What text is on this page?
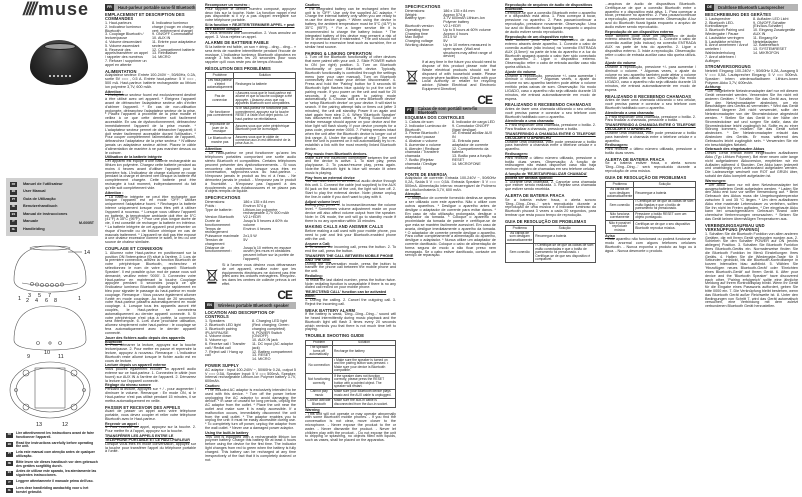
//// muse
FR	Manuel de l'utilisateur
EN	User Manual
PT	Guia de Utilização
DE	Benutzerhandbuch
ES	Manual de instrucciones
IT	Manuale
NL	Handleiding
M-600BT
14
1 2
3
4
5
6
7
8	1
9
10
11
13	12
FR	Lire attentivement les instructions avant de faire fonctionner l'appareil.
EN	Read the instructions carefully before operating the unit.
PT	Leia este manual com atenção antes de qualquer utilização.
DE	Bitte lesen sie dieses handbuch vor dem gebrauch des gerätes sorgfältig durch.
ES	Antes de utilizar este aparato, lea atentamente las siguientes instrucciones.
IT	Leggere attentamente il manuale prima dell'uso.
NL	Lees deze handleiding aandachtig voor u het toestel gebruikt.
FR	Haut-parleur portable sans-fil Bluetooth
EMPLACEMENT ET DESCRIPTION DES COMMANDES
1. Haut-parleurs
2. Indicateur lumineux Bluetooth
3. Couplage Bluetooth / lecture/pause
4. Volume descendant
5. Volume ascendant
6. Recevoir des appels/transférer un appel / rappeler des numéros
7. Refuser / supprimer un appel en attente
8. Indicateur lumineux charge (rouge: en charge; vert: entièrement chargé)
9. ON/OFF Commutateur
10. AUX IN
11. Entrée pour adaptateur secteur
12. Compartiment batterie
13. Réinitialiser
14. MICRO
ALIMENTATION
Adaptateur secteur: Entrée 100-240V ~, 50/60Hz, 0.2A, sortie 5V === , 0.5 A. Entrée haut-parleur: 5 V === , 500 mA. Haut-parleur: batterie rechargeable au lithium ion polymère 3,7V, 600 mAh.
Attention :
* L'adaptateur secteur fourni est exclusivement destiné à être utilisé avec cet appareil. * Éteignez l'appareil avant de débrancher l'adaptateur secteur afin d'éviter d'abîmer l'appareil. * En cas de non-utilisation prolongée, débranchez l'adaptateur secteur de la prise. * Placez l'appareil à proximité de la prise murale et veillez à ce que cette dernière soit facilement accessible. En cas de dysfonctionnement, débranchez immédiatement l'appareil de la prise murale. * L'adaptateur secteur permet de débrancher l'appareil; il doit rester facilement accessible durant l'utilisation. * Pour couper complètement l'alimentation de l'appareil, débranchez l'adaptateur de la prise secteur. * N'utilisez jamais un adaptateur secteur abîmé. Placez le câble d'alimentation de manière à ne pas marcher dessus ou le coincer.
Utilisation de la batterie intégrée
Cet appareil est équipé d'une batterie rechargeable au lithium ion polymère. Chargez cette batterie pendant au moins 4 heures avant d'utiliser l'appareil pour la première fois. L'indicateur de charge s'allume en rouge pendant la charge et devient vert lorsque la batterie est complètement chargée. Cette batterie peut être rechargée à tout moment, indépendamment du fait qu'elle soit complètement vide.
Attention :
* La batterie intégrée ne peut être rechargée que lorsque l'appareil est en mode 'OFF'. Utiliser uniquement l'adaptateur fourni. * Rechargez la batterie interne uniquement lorsque vous êtes prêt à utiliser l'appareil à nouveau. * Lorsque vous utilisez l'appareil en batterie, la température ambiante doit être de 5°C (41°F) à 35°C (95°F). * Pour une plus longue durée de vie, il est conseillé de recharger la batterie en intérieur. * La batterie intégrée de cet appareil peut présenter un risque d'incendie ou de brûlure chimique en cas de mauvais traitement. * L'appareil ne doit pas être exposé à une chaleur excessive comme le soleil, le feu ou une source de chaleur similaire.
COUPLAGE ET CONNEXION
1. Allumez votre Haut-parleur en positionnant sur la position ON l'interrupteur (9) situé à l'arrière. 2. Lors de la première connexion, activez la fonction Bluetooth de votre périphérique Bluetooth, recherchez et sélectionnez le nom de votre appareil: 'Bluetooth Speaker'. Il est possible qu'un mot de passe vous soit demandé, veuillez entrer '0000'. 3. Connectez votre Haut-parleur en maintenant la touche Couplage appuyée pendant 5 secondes jusqu'à ce que l'indicateur lumineux Bluetooth clignote rapidement en bleu pour signaler le passage du haut-parleur en mode couplage. Remarque : Vous pouvez également allumer l'unité en mode couplage. Au bout de 20 secondes, votre Haut-parleur passera automatiquement en mode couplage. 4. Lorsque tous les appareils auront été couplés, le Haut-parleur se connectera automatiquement au dernier appareil connecté. 5. Si votre périphérique n'est plus à portée, la connexion sera interrompue. 6. Lors d'une prochaine utilisation, allumez simplement votre haut-parleur : le couplage se fera automatiquement avec le dernier appareil connecté.
Jouer des fichiers audio depuis des appareils Bluetooth
1. Pour démarrer la lecture, appuyez sur la touche lecture/pause. 2. Pour mettre en pause et reprendre la lecture, appuyez à nouveau. Remarque : L'indicateur Bluetooth reste allumé lorsque le fichier audio est en cours de lecture.
Lecture depuis un appareil externe
Vous pouvez également écouter un appareil audio externe sur ce haut-parleur. 1. Connectez le câble (non fourni) sur AUX IN à l'arrière de l'appareil. 2. Démarrez la lecture sur l'appareil connecté.
Réglage du niveau sonore
Pendant la lecture, appuyez sur + / - pour augmenter / diminuer le volume. Remarque : En mode ON, si le Haut-parleur n'est pas utilisé pendant 15 minutes, il se mettra automatiquement en veille.
PASSER ET RECEVOIR DES APPELS
Avant de passer un appel avec votre téléphone portable, vous devez coupler et relier votre téléphone Bluetooth avec le Haut-parleur.
Recevoir un appel :
1. Pour recevoir un appel, appuyez sur la touche. 2. Pour mettre fin à l'appel, appuyez sur la touche.
TRANSFÉRER LES APPELS ENTRE LE TÉLÉPHONE PORTABLE ET LE HAUT-PARLEUR
Lorsque vous êtes en mode conversation, appuyez sur la touche pour transférer l'appel du téléphone portable à l'unité.
Recomposer un numéro :
Pour rappeler le dernier numéro composé, appuyez deux fois sur la touche. Note: La fonction rappel n'est pas disponible si il n'y a pas d'appel enregistré sur votre téléphone portable.
Si la fonction « REJETER/TERMINER APPEL » peut être activée lorsque :
1. Vous terminez une conversation. 2. Vous annulez un appel. 3. Vous rejetez un appel.
ALARME DE BATTERIE FAIBLE
Si la batterie est faible, un son « dring... ding... ding... » sera émis de manière intermittente pendant l'écoute de musique. L'indicateur lumineux Bluetooth clignotera en orange 3 fois toutes les 20 secondes pour vous rappeler qu'il vous reste peu de temps d'écoute.
RÉSOLUTION DES PROBLÈMES
Problème	Solution
Les haut-parleur s'éteint automatiquement	Rechargez la batterie
Pas de connexion	• Assurez-vous que le haut-parleur est allumé et que la touche couplage a été appuyée. • Assurez-vous que vos appareils Bluetooth sont compatibles.
Ne fonctionne pas correctement	Si le haut-parleur ne fonctionne pas correctement, appuyez sur la touche RESET à l'aide d'un objet pointu. Le haut-parleur se réinitialisera.
Impossible de jouer de la musique	Assurez-vous que votre périphérique Bluetooth joue de la musique.
Le Bluetooth ne marche pas	Assurez-vous que le câble de connexion aux-in est débranché de la prise Aux-in.
Attention:
- Ce Haut-parleur ne peut fonctionner qu'avec les téléphones portables comportant une sortie audio stéréo Bluetooth et compatibles. Certains téléphones peuvent présenter des dysfonctionnements. - Si vous rencontrez des problèmes lorsque vous êtes en conversation, rapprochez-vous du haut-parleur. - N'exposez jamais le produit au feu ni à l'eau. - Ne démontez jamais le produit. - N'exposez pas le produit à l'humidité. - N'exposez pas l'appareil à des écoulements ou des éclaboussures et ne placez pas d'objets remplis de liquide.
SPECIFICATIONS
Dimensions:	186 x 135 x 84 mm
Poids :	Environ 574 g
Type de batterie:	Lithium-ion polymère rechargeable 3,7V 600 mAh
Version Bluetooth	V2.1+EDR
Durée de fonctionnement
Jusqu'à 5 heures à 60% du volume
Temps de rechargement
Environ 4 heures
Puissance maximale	2x1,5 W
Tension de chargement
5V
Distance de fonctionnement :
Jusqu'à 10 mètres en espace ouvert (les murs et obstacles peuvent influer sur la portée de l'appareil)
Si à l'avenir vous désirez vous débarrasser de cet appareil, veuillez noter que les équipements électriques ne doivent pas être jetés avec les ordures ménagères. Recyclez-les dans les centres de collecte prévus à cet effet.
CE
EN	Wireless portable Bluetooth speaker
LOCATION AND DESCRIPTION OF CONTROLS
1. Speakers
2. Bluetooth LED light
3. Bluetooth pairing /PLAY/PAUSE
4. Volume down
5. Volume up
6. Receive call / Transfer call / Redial call
7. Reject call / Hang up call
8. Charging LED light (Red: charging; Green: charging completed)
9. POWER Switch (ON/OFF)
10. AUX IN jack
11. DC input (AC adaptor jack)
12. Battery compartment
13. RESET
14. MICRO
POWER SUPPLY
AC adaptor : Input 100-240V ~, 50/60Hz 0.2A, output 5 V === 0.5A. Speaker Input: 5 V === 500mA. Speaker: Internal rechargeable Lithium-ion Polymer battery 3.7V, 600mAh.
Caution:
* The included AC adaptor is exclusively intended to be used with this device. * Turn off the power before unplugging the AC adaptor to avoid damaging the device. * In case of unused for long periods, unplug the AC adaptor from the outlet. * Place the unit near the outlet and make sure it is easily accessible. If a malfunction occurs, immediately disconnect the unit from the wall outlet. * The adaptor enables you to unplug the unit: it must be easily accessible during use. * To completely turn off power, unplug the adaptor from the wall outlet. * Never use a damaged power adaptor.
Using the built-in battery
This unit is equipped with a rechargeable lithium ion polymer battery. Charge this battery for at least 4 hours before using the device for the first time. The indicator light changes from red to green when the battery is fully charged. This battery can be recharged at any time irrespectively of the fact that it is completely drained or not.
Caution:
* The integrated battery can be recharged when the unit is in 'OFF'. Use only the supplied AC adaptor. * Charge the internal battery only when you are ready to re-use the device again. * When using the device in battery, the ambient temperature must be 5°C (41°F) to 35°C (95°F). * For a longer service life it is recommended to charge the battery indoor. * The integrated battery of this device may present a risk of fire or chemical burn if mistreated. * The unit should not be exposed to excessive heat such as sunshine, fire or similar heat source.
PAIRING & LINKING OPERATION
1. Turn off the Bluetooth functionality of other devices that were paired with your unit. 2. Slide POWER switch to ON (on right) position. 3. Turn on Bluetooth functionality of your Bluetooth device. Typically, Bluetooth functionality is controlled through the settings menu (see your user manual). Turn on Bluetooth connectivity and make your device 'discoverable'. 4. Press and hold the 'Pairing' button for 5 seconds till Bluetooth light flashes blue quickly to put the unit in pairing mode. If you power on the unit and wait for 20 seconds, it can also goes to pairing mode automatically. 5. Choose 'add a new Bluetooth device' or 'setup Bluetooth device' on your device. It will start to search. If the pairing attempt fails or times out (after 3 minutes), the unit will standby. Power it on again and start again from step 2. 6. When 'Bluetooth Speaker' has discovered each other, a 'Pairing Successful' or similar message should appear on your device and the blue light will flash slowly. If your device prompts for a pass code, please enter 0000. 7. Pairing remains intact when the unit after the Bluetooth device is longer out of link range. 8. Under the condition of step 7, the next time the unit is powered on it will automatically try to re-establish a link with the most recently linked Bluetooth device.
Play music from Bluetooth devices.
Make sure the Bluetooth connection between the unit and the device is active. 1. To start play, press play/pause. 2. To pause/resume play, press again. Note:the Bluetooth light is blue will remain lit when music is playing.
Play from an external device
You can also listen to an external audio device through this unit. 1. Connect the cable (not supplied) to the AUX IN jack on the back of the unit, the light will turn off. 2. Start to play the external device. Note: please unplug the line-in cable if you don't want to play with it.
Adjust volume level
During play, press +/- to increase/decrease the volume level. * Sometimes volume adjustment made on your device will also affect volume output from the speaker. Note: In ON mode, the unit will go to standby mode if there is no any operation within 15 minutes.
MAKING CALLS AND ANSWER CALLS
Before making a call used with your mobile phone, you need to pair and link your Bluetooth-enabled phone with the unit.
Answer a Call:
1. To answer the incoming call, press the button. 2. To end the call, press the button.
TRANSFER THE CALL BETWEEN MOBILE PHONE AND THE UNIT
During the conversation mode, press the button to transfer the phone call between the mobile phone and the unit.
Redialing:
To redial the last dialed number, press the button twice. Note: redialing function is unavailable if there is no any dialed call record on your mobile phone.
'REJECT/END CALL' function can be activated when:
1. During the calling. 2. Cancel the outgoing call. 3. Reject the incoming call.
WEAK BATTERY ALARM
If the battery is weak, 'Ding...Ding...Ding...' sound will be heard intermittently during music playback and the Bluetooth light will flash 3 times every 20 seconds which reminds you that there is not much time left to playing.
TROUBLE SHOOTING GUIDE
Problem	Solution
The speaker turns off automatically	Recharge the battery
No connection	• Make sure the speaker is turned on and the pairing button was pressed. • Make sure your device is Bluetooth compatible.
Not functioning correctly	If the speaker does not function correctly, please press the RESET button with a pointed object. The speaker will restart.
Cannot play music	Make sure your Bluetooth device plays music and the AUX cable is unplugged.
Cannot activate Bluetooth	Make sure the aux-in cable is disconnected from the Aux-in socket.
Warning
- This unit will not operate or may operate abnormally with some Bluetooth mobile phones. - If you find the conversation is not clear, move closer to the microphone. - Never expose the product to fire or water. - Never dismantle the product. - Never let children play with the product. - Do not expose the unit to dripping or splashing, no objects filled with liquids, such as vases, shall be placed on the apparatus.
SPECIFICATIONS
Dimensions:	186 x 135 x 84 mm
Weight:	Approx 574 g
Battery type:	3.7V 600mAh Lithium-Ion Polymer battery
Bluetooth version	V2.1+EDR
Operating time	Up to 5 hours at 60% volume
Charging time	Approx 4 hours
Max output	2x1.5 W
Charging voltage	5V
Working distance:	Up to 10 meters measured in open space. (Wall and structures may affect range of device)
If at any time in the future you should need to dispose of this product please note that Waste electrical products should not be disposed of with household waste. Please recycle where facilities exist. Check with your Local Authority or retailer for recycling advice. (Waste Electrical and Electronic Equipment Directive)
CE
PT	Caixas de som portátil sem-fio Bluetooth
ESQUEMA DOS CONTROLES
1. Caixas de som
2. Indicador Luminoso de Bluetooth
3. Parear Bluetooth / reproduzir/ pausar
4. Abaixar o volume
5. Aumentar o volume
6. Atender / Rediscar chamada / Transferir chamada
7. Botão (Rejeitar chamada / Desligar chamada)
8. Indicador de carga LED
9. Comutador ON/OFF (ligar/ desligar)
10. Entrada auxiliar AUX IN
11. Entrada para adaptador de corrente
12. Compartimento da bateria
13. Botão para a função RESET
14. MICROFONE
FONTE DE ENERGIA
Adaptador de corrente: Entrada 100-240V ~, 50/60Hz 0,2A, Saída 5 V === 0,5A. Entrada Speaker: 5 V === 500mA. Alimentação interna: recarregável de Polímero de Lítio/Ion/bateria 3,7V, 600 mAh.
Atenção:
* O adaptador de corrente fornecido destina-se apenas a ser utilizado com este aparelho. Não o utilize com outros aparelhos. * Desligue o aparelho antes de desligar o adaptador de corrente para evitar danos. * Em caso de não utilização prolongada, desligue o adaptador da tomada. * Coloque o aparelho na proximidade da tomada de parede e certifique-se de que esta se mantém facilmente acessível. Em caso de avaria, desligue imediatamente o aparelho da tomada. * O adaptador de corrente permite desligar o aparelho. Para cortar completamente a alimentação do aparelho, desligue o adaptador. * Nunca utilize um adaptador de corrente danificado. Coloque o cabo de alimentação de forma segura de modo a não ficar preso nem esmagado. Se o cabo estiver danificado, contacte um serviço de reparação.
Reprodução de arquivos de áudio de dispositivos Bluetooth.
Certifique-se que a conexão Bluetooth entre o aparelho e o dispositivo está ativa. 1. Para começar a tocar, pressione no aparelho. 2. Para pausar/continuar a reprodução, pressione novamente. Observação: Uma luz azul do Bluetooth ficará ligada enquanto o arquivo de áudio estiver sendo reproduzido.
Reprodução de um dispositivo externo
Você também pode ouvir um dispositivo de áudio externo através deste aparelho. 1. Conecte o cabo de conexão auxiliar (não incluso) na 'conexão ENTRADA AUX (3,5mm)' na parte de trás do aparelho e a luz do Bluetooth apagará quando o cabo tiver sido conectado ao aparelho. 2. Ligue o dispositivo externo. Observação: retire o cabo de entrada auxiliar caso não queira utilizá-lo.
Ajuste do volume
Durante a reprodução, pressione +/- para aumentar / diminuir o volume. * Algumas vezes, o ajuste do volume no seu aparelho também pode afetar o volume emitido pelas caixas de som. Observação: No modo LIGADO, caso o aparelho não seja utilizado durante 15 minutos, ele entrará automaticamente em modo de espera.
REALIZANDO E RECEBENDO CHAMADAS
Antes de fazer uma chamada utilizando o seu celular, você precisa parear e conectar o seu telefone com Bluetooth habilitado com o aparelho.
Atendendo a uma chamada:
1. Para responder uma chamada, pressione o botão. 2. Para finalizar a chamada, pressione o botão.
TRANSFERINDO A CHAMADA ENTRE O TELEFONE CELULAR E O APARELHO
Durante uma chamada, você pode pressionar o botão para transferir a chamada entre o telefone celular e o aparelho.
Rediscagem:
Para rediscar o último número utilizado, pressione o botão duas vezes. Observação: A função de rediscagem não estará disponível caso não haja nenhum registro de chamadas em seu telefone celular.
A função de 'REJEITAR/FINALIZAR CHAMADA' poderá ser ativada quando:
1. Durante uma chamada. 2. Cancelar uma chamada que estiver sendo realizada. 3. Rejeitar uma chamada que estiver sendo recebida.
ALERTA DE BATERIA FRACA
Se a bateria estiver fraca, o alerta sonoro 'Ding...Ding...Ding...' será reproduzido durante a reprodução de uma música e o indicador luminoso do Bluetooth piscará 3 vezes a cada 20 segundos, para lembrar que resta pouco tempo de reprodução.
GUIA DE RESOLUÇÃO DE PROBLEMAS
Problema	Solução
As caixas de som desligam automaticamente	Recarregue a bateria
Sem conexão	• Certifique-se de que as caixas de som estão conectadas e que o botão de pareamento foi pressionado. • Certifique-se de que seu dispositivo é compatível.
...arquivos de áudio de dispositivos Bluetooth. Certifique-se de que a conexão Bluetooth entre o aparelho e o dispositivo está ativa. 1. Para começar a tocar, pressione no aparelho. 2. Para pausar/continuar a reprodução, pressione novamente. Observação: A luz azul do Bluetooth ficará ligada enquanto o arquivo de áudio estiver sendo reproduzido.
Reprodução de um dispositivo externo
Você também pode ouvir um dispositivo de áudio externo através deste aparelho. 1. Conecte o cabo de conexão auxiliar (não incluso) na conexão ENTRADA AUX na parte de trás do aparelho. 2. Ligue o dispositivo externo. 3. Inicie a reprodução. Observação: retire o cabo de entrada auxiliar caso não queira utilizá-lo.
Ajuste do volume
Durante a reprodução, pressione +/- para aumentar / diminuir o volume. * Algumas vezes, o ajuste do volume no seu aparelho também pode afetar o volume emitido pelas caixas de som. Observação: No modo LIGADO, caso o aparelho não seja utilizado durante 15 minutos, ele entrará automaticamente em modo de espera.
REALIZANDO E RECEBENDO CHAMADAS
Antes de fazer uma chamada utilizando o seu celular, você precisa parear e conectar o seu telefone com Bluetooth habilitado com o aparelho.
Atendendo a uma chamada:
1. Para responder uma chamada, pressione o botão. 2. Para finalizar a chamada, pressione o botão.
TRANSFERINDO A CHAMADA ENTRE O TELEFONE CELULAR E O APARELHO
Durante uma chamada, você pode pressionar o botão para transferir a chamada entre o telefone celular e o aparelho.
Rediscagem:
Para rediscar o último número utilizado, pressione o botão duas vezes.
ALERTA DE BATERIA FRACA
Se a bateria estiver fraca, o alerta sonoro 'Ding...Ding...Ding...' será reproduzido durante a reprodução de uma música.
GUIA DE RESOLUÇÃO DE PROBLEMAS
Problema	Solução
As caixas de som desligam automaticamente	Recarregue a bateria
Sem conexão	• Certifique-se de que as caixas de som estão ligadas e que o botão de pareamento foi pressionado.
Não funciona corretamente	Pressione o botão RESET com um objeto pontiagudo.
Não é possível reproduzir música	Certifique-se de que o seu dispositivo Bluetooth reproduz música.
Aviso
- Este aparelho não funcionará ou poderá funcionar de modo anormal com alguns telefones celulares Bluetooth. - Nunca exponha o produto ao fogo ou à água. - Nunca desmonte o produto.
DE	Drahtlose Bluetooth Lautsprecher
BESCHREIBUNG DES GERÄTES
1. Lautsprecher
2. Bluetooth LED-Kontrolllampe
3. Bluetooth Pairing und Wiedergabe / Pause
4. Lautstärke verringern
5. Lautstärke erhöhen
6. Anruf annehmen / Anruf umleiten / Wahlwiederholung
7. Anruf ablehnen / Auflegen
8. Aufladen LED Licht
9. ON/OFF-Schalter (Ein/Aus-Schalter)
10. Eingang Zusatzgeräte AUX IN
11. Eingang für Netzteiladapter
12. Batteriefach
13. SYSTEMRESET
14. MIKROFON
STROMVERSORGUNG
Netzteil: Eingang: 100-240V ~, 50/60Hz 0,2A, Ausgang 5 V === 0,5A. Lautsprecher Eingang: 5 V === 500mA. Speaker: Intern wiederaufladbaren Lithium-Ionen Polymer-Akku 3,7V, 600mAh.
Achtung:
* Der mitgelieferte Netzstromadapter darf nur mit diesem Gerät verwendet werden. Verwenden Sie ihn nicht mit anderen Geräten. * Schalten Sie das Gerät aus, bevor Sie den Netzstromadapter abstecken, um ein Beschädigen des Geräts zu vermeiden. * Wird das Gerät während längerer Zeit nicht verwendet, sollte der Netzstromadapter von der Stromsteckdose abgesteckt werden. * Stellen Sie das Gerät in der Nähe der Stromsteckdose auf und sorgen Sie dafür, dass die Stromsteckdose leicht zugänglich ist. Sollte es zu einer Störung kommen, müssen Sie das Gerät sofort abstecken. * Der Netzstromadapter erlaubt das Abstecken des Geräts. Er muss während des Gebrauchs leicht zugänglich sein. * Verwenden Sie nie ein beschädigtes Netzteil.
Gebrauch des eingebauten Akkus
Dieses Gerät enthält einen eingebauten aufladbaren Akku (Typ Lithium Polymer). Bei einer neuen oder lange nicht aufgeladenen Akkuversion, empfehlen wir ein Aufladen während 4 Stunden. Der Akku kann jederzeit und unabhängig vom Ladezustand aufgeladen werden. Die Ladeanzeige wechselt von ROT auf GRÜN über, sobald der Akku komplett aufgeladen ist.
Warnungen:
* Der Akku kann nur mit dem Netzstromadapter bei ausgeschaltetem Gerät aufgeladen werden. * Laden Sie den Akku erst kurz vor seiner Verwendung auf. * Beim Gebrauch des Akkus muss die Umgebungstemperatur zwischen 5 und 35 °C liegen. * Um dem aufladbaren Akku eine maximale Lebensdauer zu verleihen, sollten Sie ihn nicht im Freien aufladen. * Der eingebaute Akku kann bei unsachgemäßem Gebrauch Brand oder chemische Verbrennungen verursachen. * Setzen Sie das Gerät keinen übermäßigen Temperaturen aus.
VERBINDUNGSAUFBAU UND VERKNÜPFUNG (PAIRING)
1. Schalten Sie die Bluetooth Funktion von allen anderen Geräten, die mit Ihrem Gerät verbunden wurden aus. 2. Schieben Sie den Schalter POWER auf ON (rechts abliegen) Position. 3. Schalten Sie Bluetooth Funktion Ihres Bluetooth-Geräts ein. Normalerweise finden Sie die Bluetooth Funktion im Menü Einstellungen Ihres Geräts. 4. Halten Sie die Wiedergabe-Taste für 5 Sekunden gedrückt, bis die Bluetooth-Kontrolllampe in kurzen Intervallen blau aufblinkt. 5. Wählen Sie 'Hinzufügen neues Bluetooth-Gerät' oder 'Einrichten eines Bluetooth-Gerät' auf Ihrem Gerät. 6. After your device and the 'Bluetooth Speaker' have discovered each other, 'Pairing erfolgreich' sollte eine ähnliche Meldung auf Ihrem Kontrolldisplay blinkt. Wenn Ihr Gerät für die Eingabe eines Passworts auffordert, geben Sie bitte 0000 ein. 7. Die Verknüpfung bleibt bestehen, wenn das Bluetooth Gerät außer Reichweite ist. 8. Unter den Bedingungen von Schritt 7, wird das Gerät automatisch versuchen, eine Verbindung mit dem zuletzt verbundenen Bluetooth Gerät herzustellen.
